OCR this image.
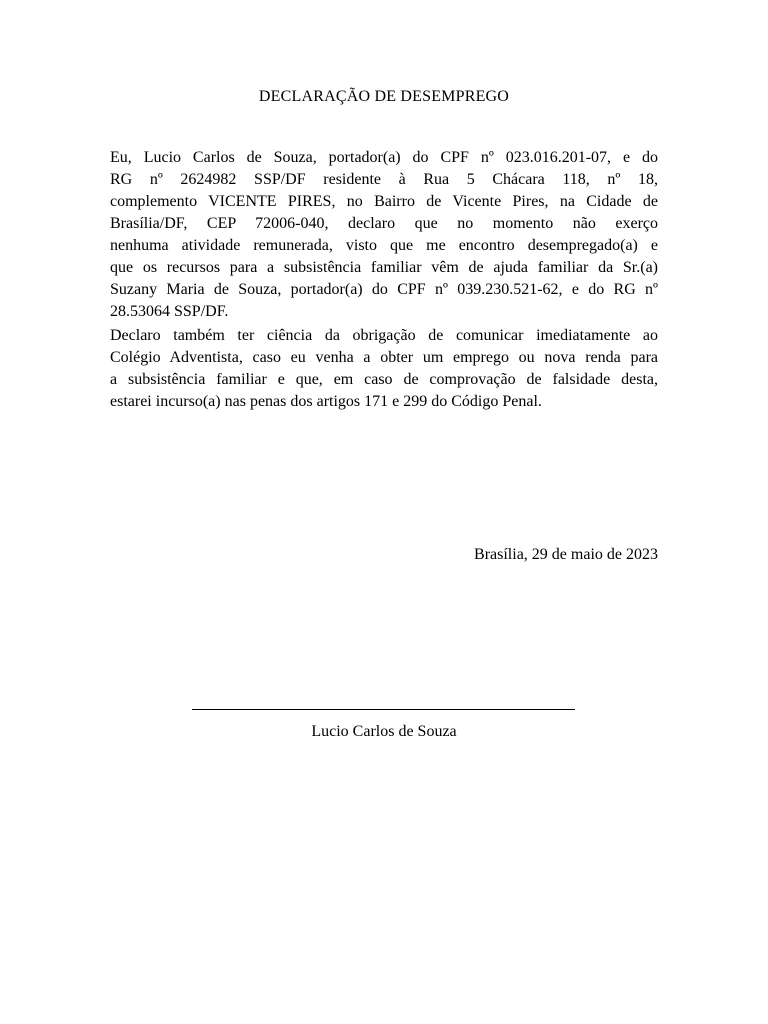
DECLARAÇÃO DE DESEMPREGO
Eu, Lucio Carlos de Souza, portador(a) do CPF nº 023.016.201-07, e do
RG nº 2624982 SSP/DF residente à Rua 5 Chácara 118, nº 18,
complemento VICENTE PIRES, no Bairro de Vicente Pires, na Cidade de
Brasília/DF, CEP 72006-040, declaro que no momento não exerço
nenhuma atividade remunerada, visto que me encontro desempregado(a) e
que os recursos para a subsistência familiar vêm de ajuda familiar da Sr.(a)
Suzany Maria de Souza, portador(a) do CPF nº 039.230.521-62, e do RG nº
28.53064 SSP/DF.
Declaro também ter ciência da obrigação de comunicar imediatamente ao
Colégio Adventista, caso eu venha a obter um emprego ou nova renda para
a subsistência familiar e que, em caso de comprovação de falsidade desta,
estarei incurso(a) nas penas dos artigos 171 e 299 do Código Penal.
Brasília, 29 de maio de 2023
Lucio Carlos de Souza
